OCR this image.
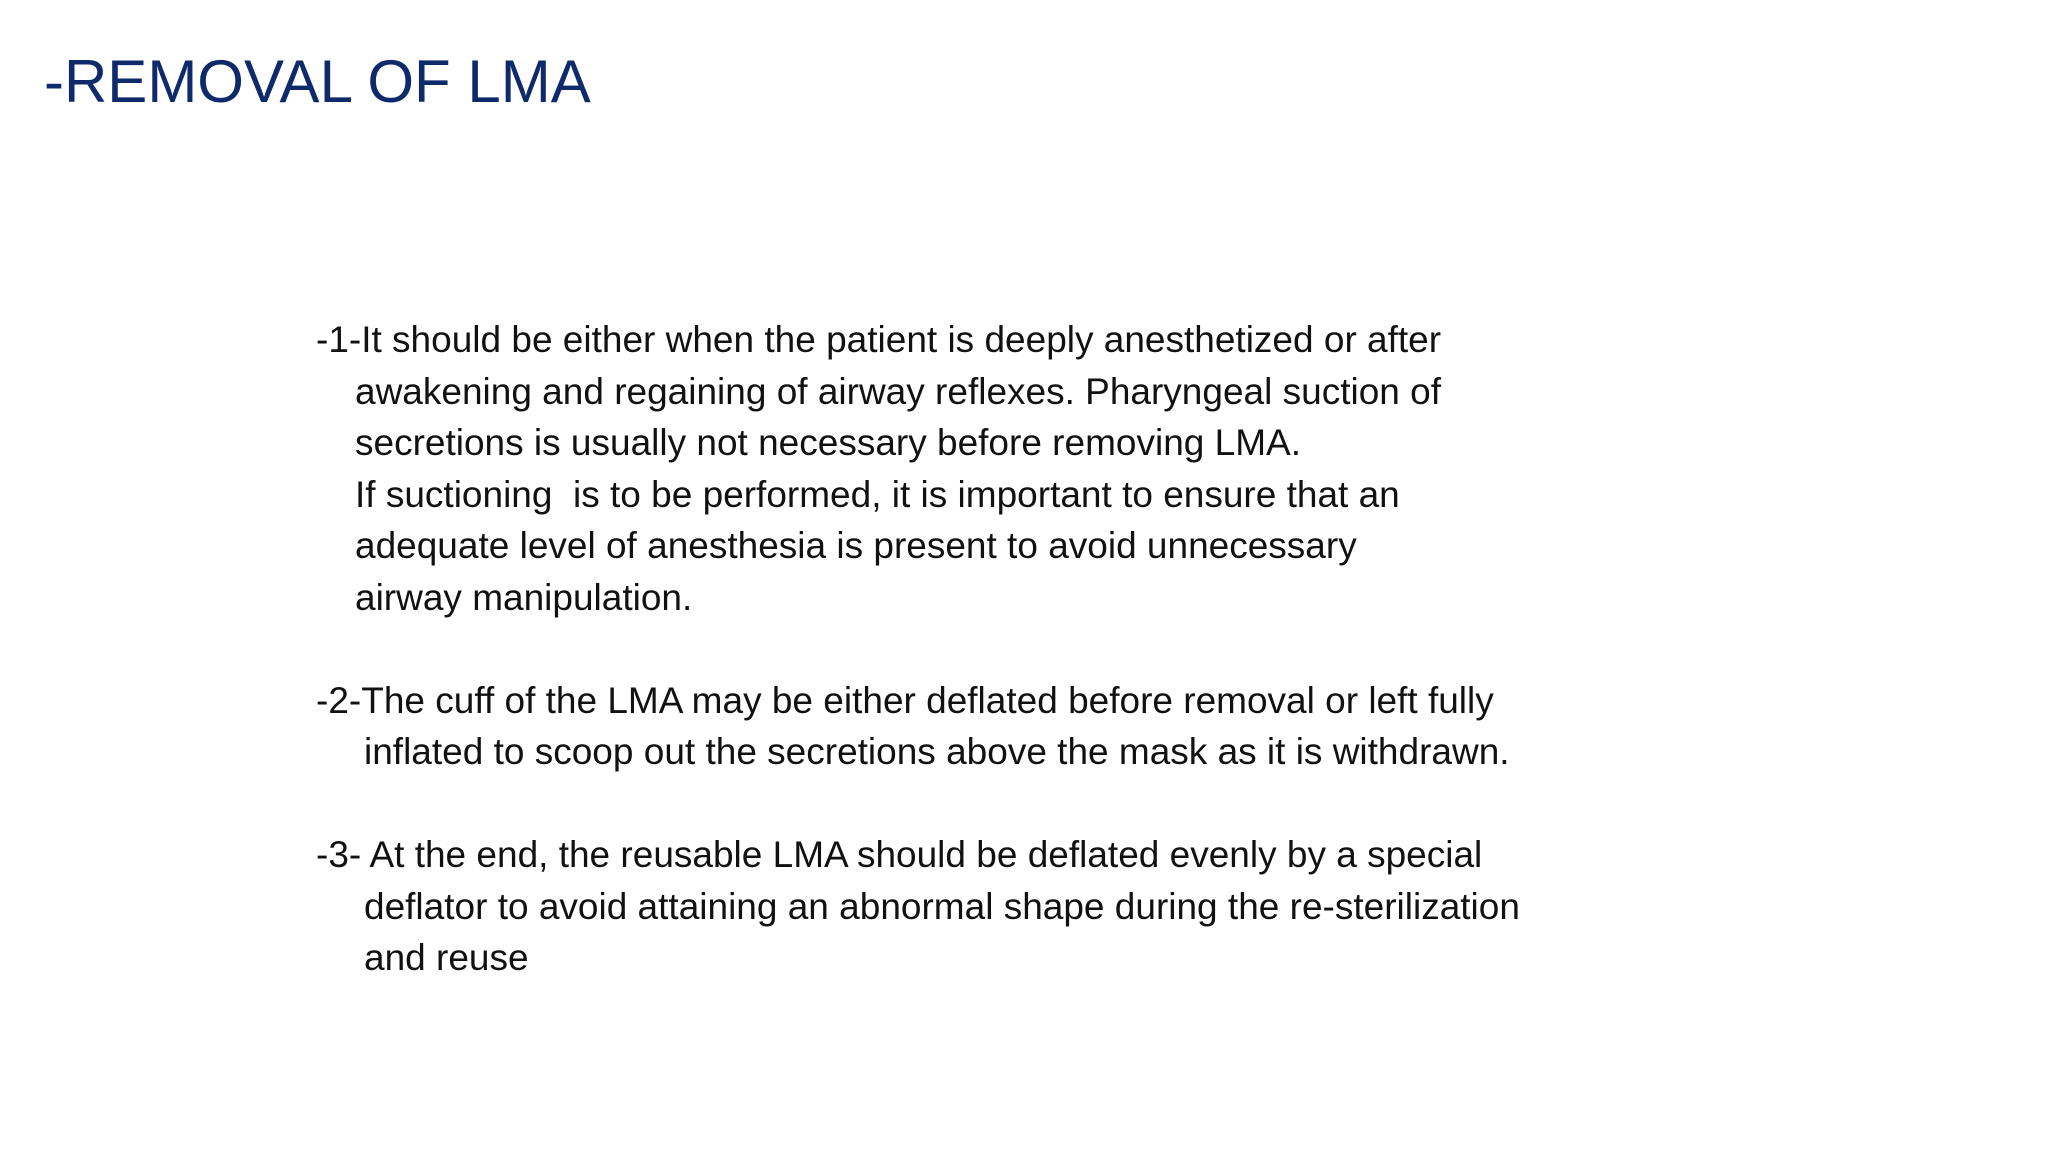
-REMOVAL OF LMA

-1-It should be either when the patient is deeply anesthetized or after
awakening and regaining of airway reflexes. Pharyngeal suction of
secretions is usually not necessary before removing LMA.
If suctioning  is to be performed, it is important to ensure that an
adequate level of anesthesia is present to avoid unnecessary
airway manipulation.

-2-The cuff of the LMA may be either deflated before removal or left fully
inflated to scoop out the secretions above the mask as it is withdrawn.

-3- At the end, the reusable LMA should be deflated evenly by a special
deflator to avoid attaining an abnormal shape during the re-sterilization
and reuse
